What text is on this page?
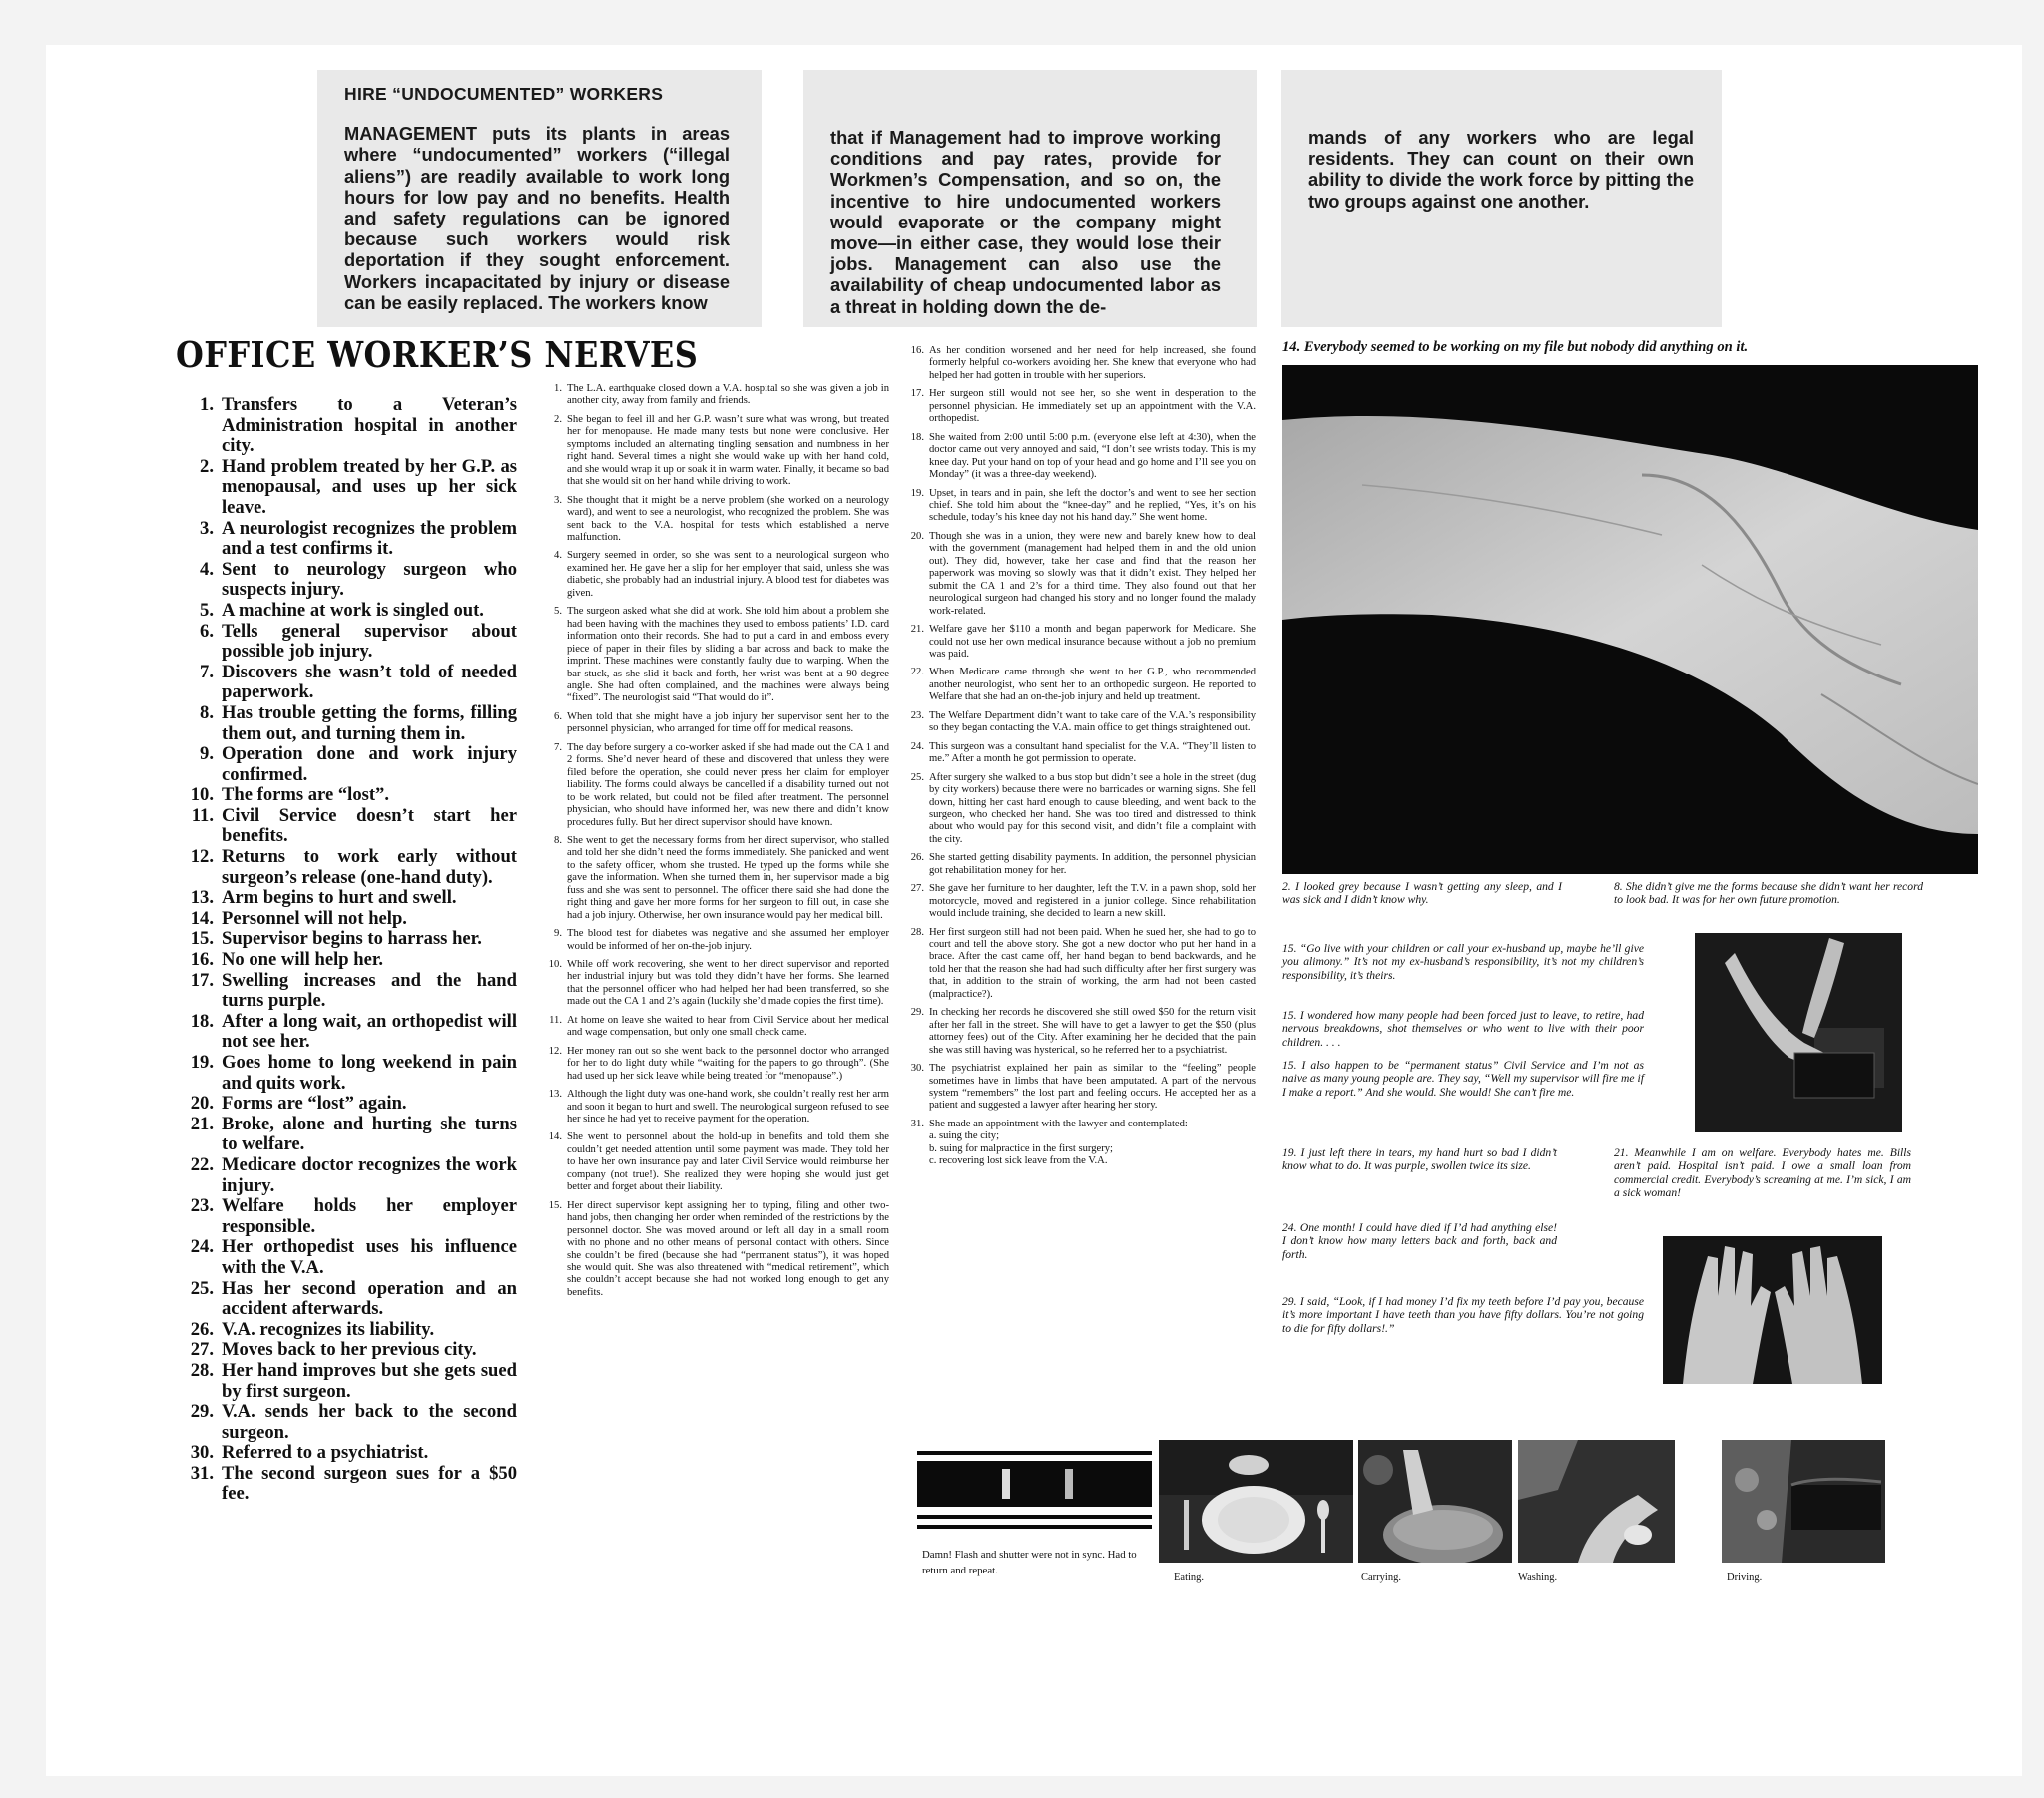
HIRE “UNDOCUMENTED” WORKERS

MANAGEMENT puts its plants in areas where “undocumented” workers (“illegal aliens”) are readily available to work long hours for low pay and no benefits. Health and safety regulations can be ignored because such workers would risk deportation if they sought enforcement. Workers incapacitated by injury or disease can be easily replaced. The workers know

that if Management had to improve working conditions and pay rates, provide for Workmen’s Compensation, and so on, the incentive to hire undocumented workers would evaporate or the company might move—in either case, they would lose their jobs. Management can also use the availability of cheap undocumented labor as a threat in holding down the de-

mands of any workers who are legal residents. They can count on their own ability to divide the work force by pitting the two groups against one another.

OFFICE WORKER’S NERVES
1. Transfers to a Veteran’s Administration hospital in another city.
2. Hand problem treated by her G.P. as menopausal, and uses up her sick leave.
3. A neurologist recognizes the problem and a test confirms it.
4. Sent to neurology surgeon who suspects injury.
5. A machine at work is singled out.
6. Tells general supervisor about possible job injury.
7. Discovers she wasn’t told of needed paperwork.
8. Has trouble getting the forms, filling them out, and turning them in.
9. Operation done and work injury confirmed.
10. The forms are “lost”.
11. Civil Service doesn’t start her benefits.
12. Returns to work early without surgeon’s release (one-hand duty).
13. Arm begins to hurt and swell.
14. Personnel will not help.
15. Supervisor begins to harrass her.
16. No one will help her.
17. Swelling increases and the hand turns purple.
18. After a long wait, an orthopedist will not see her.
19. Goes home to long weekend in pain and quits work.
20. Forms are “lost” again.
21. Broke, alone and hurting she turns to welfare.
22. Medicare doctor recognizes the work injury.
23. Welfare holds her employer responsible.
24. Her orthopedist uses his influence with the V.A.
25. Has her second operation and an accident afterwards.
26. V.A. recognizes its liability.
27. Moves back to her previous city.
28. Her hand improves but she gets sued by first surgeon.
29. V.A. sends her back to the second surgeon.
30. Referred to a psychiatrist.
31. The second surgeon sues for a $50 fee.
1. The L.A. earthquake closed down a V.A. hospital so she was given a job in another city, away from family and friends.
2. She began to feel ill and her G.P. wasn’t sure what was wrong, but treated her for menopause. He made many tests but none were conclusive. Her symptoms included an alternating tingling sensation and numbness in her right hand. Several times a night she would wake up with her hand cold, and she would wrap it up or soak it in warm water. Finally, it became so bad that she would sit on her hand while driving to work.
3. She thought that it might be a nerve problem (she worked on a neurology ward), and went to see a neurologist, who recognized the problem. She was sent back to the V.A. hospital for tests which established a nerve malfunction.
4. Surgery seemed in order, so she was sent to a neurological surgeon who examined her. He gave her a slip for her employer that said, unless she was diabetic, she probably had an industrial injury. A blood test for diabetes was given.
5. The surgeon asked what she did at work. She told him about a problem she had been having with the machines they used to emboss patients’ I.D. card information onto their records. She had to put a card in and emboss every piece of paper in their files by sliding a bar across and back to make the imprint. These machines were constantly faulty due to warping. When the bar stuck, as she slid it back and forth, her wrist was bent at a 90 degree angle. She had often complained, and the machines were always being “fixed”. The neurologist said “That would do it”.
6. When told that she might have a job injury her supervisor sent her to the personnel physician, who arranged for time off for medical reasons.
7. The day before surgery a co-worker asked if she had made out the CA 1 and 2 forms. She’d never heard of these and discovered that unless they were filed before the operation, she could never press her claim for employer liability. The forms could always be cancelled if a disability turned out not to be work related, but could not be filed after treatment. The personnel physician, who should have informed her, was new there and didn’t know procedures fully. But her direct supervisor should have known.
8. She went to get the necessary forms from her direct supervisor, who stalled and told her she didn’t need the forms immediately. She panicked and went to the safety officer, whom she trusted. He typed up the forms while she gave the information. When she turned them in, her supervisor made a big fuss and she was sent to personnel. The officer there said she had done the right thing and gave her more forms for her surgeon to fill out, in case she had a job injury. Otherwise, her own insurance would pay her medical bill.
9. The blood test for diabetes was negative and she assumed her employer would be informed of her on-the-job injury.
10. While off work recovering, she went to her direct supervisor and reported her industrial injury but was told they didn’t have her forms. She learned that the personnel officer who had helped her had been transferred, so she made out the CA 1 and 2’s again (luckily she’d made copies the first time).
11. At home on leave she waited to hear from Civil Service about her medical and wage compensation, but only one small check came.
12. Her money ran out so she went back to the personnel doctor who arranged for her to do light duty while “waiting for the papers to go through”. (She had used up her sick leave while being treated for “menopause”.)
13. Although the light duty was one-hand work, she couldn’t really rest her arm and soon it began to hurt and swell. The neurological surgeon refused to see her since he had yet to receive payment for the operation.
14. She went to personnel about the hold-up in benefits and told them she couldn’t get needed attention until some payment was made. They told her to have her own insurance pay and later Civil Service would reimburse her company (not true!). She realized they were hoping she would just get better and forget about their liability.
15. Her direct supervisor kept assigning her to typing, filing and other two-hand jobs, then changing her order when reminded of the restrictions by the personnel doctor. She was moved around or left all day in a small room with no phone and no other means of personal contact with others. Since she couldn’t be fired (because she had “permanent status”), it was hoped she would quit. She was also threatened with “medical retirement”, which she couldn’t accept because she had not worked long enough to get any benefits.
16. As her condition worsened and her need for help increased, she found formerly helpful co-workers avoiding her. She knew that everyone who had helped her had gotten in trouble with her superiors.
17. Her surgeon still would not see her, so she went in desperation to the personnel physician. He immediately set up an appointment with the V.A. orthopedist.
18. She waited from 2:00 until 5:00 p.m. (everyone else left at 4:30), when the doctor came out very annoyed and said, “I don’t see wrists today. This is my knee day. Put your hand on top of your head and go home and I’ll see you on Monday” (it was a three-day weekend).
19. Upset, in tears and in pain, she left the doctor’s and went to see her section chief. She told him about the “knee-day” and he replied, “Yes, it’s on his schedule, today’s his knee day not his hand day.” She went home.
20. Though she was in a union, they were new and barely knew how to deal with the government (management had helped them in and the old union out). They did, however, take her case and find that the reason her paperwork was moving so slowly was that it didn’t exist. They helped her submit the CA 1 and 2’s for a third time. They also found out that her neurological surgeon had changed his story and no longer found the malady work-related.
21. Welfare gave her $110 a month and began paperwork for Medicare. She could not use her own medical insurance because without a job no premium was paid.
22. When Medicare came through she went to her G.P., who recommended another neurologist, who sent her to an orthopedic surgeon. He reported to Welfare that she had an on-the-job injury and held up treatment.
23. The Welfare Department didn’t want to take care of the V.A.’s responsibility so they began contacting the V.A. main office to get things straightened out.
24. This surgeon was a consultant hand specialist for the V.A. “They’ll listen to me.” After a month he got permission to operate.
25. After surgery she walked to a bus stop but didn’t see a hole in the street (dug by city workers) because there were no barricades or warning signs. She fell down, hitting her cast hard enough to cause bleeding, and went back to the surgeon, who checked her hand. She was too tired and distressed to think about who would pay for this second visit, and didn’t file a complaint with the city.
26. She started getting disability payments. In addition, the personnel physician got rehabilitation money for her.
27. She gave her furniture to her daughter, left the T.V. in a pawn shop, sold her motorcycle, moved and registered in a junior college. Since rehabilitation would include training, she decided to learn a new skill.
28. Her first surgeon still had not been paid. When he sued her, she had to go to court and tell the above story. She got a new doctor who put her hand in a brace. After the cast came off, her hand began to bend backwards, and he told her that the reason she had had such difficulty after her first surgery was that, in addition to the strain of working, the arm had not been casted (malpractice?).
29. In checking her records he discovered she still owed $50 for the return visit after her fall in the street. She will have to get a lawyer to get the $50 (plus attorney fees) out of the City. After examining her he decided that the pain she was still having was hysterical, so he referred her to a psychiatrist.
30. The psychiatrist explained her pain as similar to the “feeling” people sometimes have in limbs that have been amputated. A part of the nervous system “remembers” the lost part and feeling occurs. He accepted her as a patient and suggested a lawyer after hearing her story.
31. She made an appointment with the lawyer and contemplated:
a. suing the city;
b. suing for malpractice in the first surgery;
c. recovering lost sick leave from the V.A.
14. Everybody seemed to be working on my file but nobody did anything on it.
2. I looked grey because I wasn’t getting any sleep, and I was sick and I didn’t know why.
8. She didn’t give me the forms because she didn’t want her record to look bad. It was for her own future promotion.
15. “Go live with your children or call your ex-husband up, maybe he’ll give you alimony.” It’s not my ex-husband’s responsibility, it’s not my children’s responsibility, it’s theirs.
15. I wondered how many people had been forced just to leave, to retire, had nervous breakdowns, shot themselves or who went to live with their poor children. . . .
15. I also happen to be “permanent status” Civil Service and I’m not as naive as many young people are. They say, “Well my supervisor will fire me if I make a report.” And she would. She would! She can’t fire me.
19. I just left there in tears, my hand hurt so bad I didn’t know what to do. It was purple, swollen twice its size.
21. Meanwhile I am on welfare. Everybody hates me. Bills aren’t paid. Hospital isn’t paid. I owe a small loan from commercial credit. Everybody’s screaming at me. I’m sick, I am a sick woman!
24. One month! I could have died if I’d had anything else! I don’t know how many letters back and forth, back and forth.
29. I said, “Look, if I had money I’d fix my teeth before I’d pay you, because it’s more important I have teeth than you have fifty dollars. You’re not going to die for fifty dollars!.”
Damn! Flash and shutter were not in sync. Had to return and repeat.
Eating.	Carrying.	Washing.	Driving.
